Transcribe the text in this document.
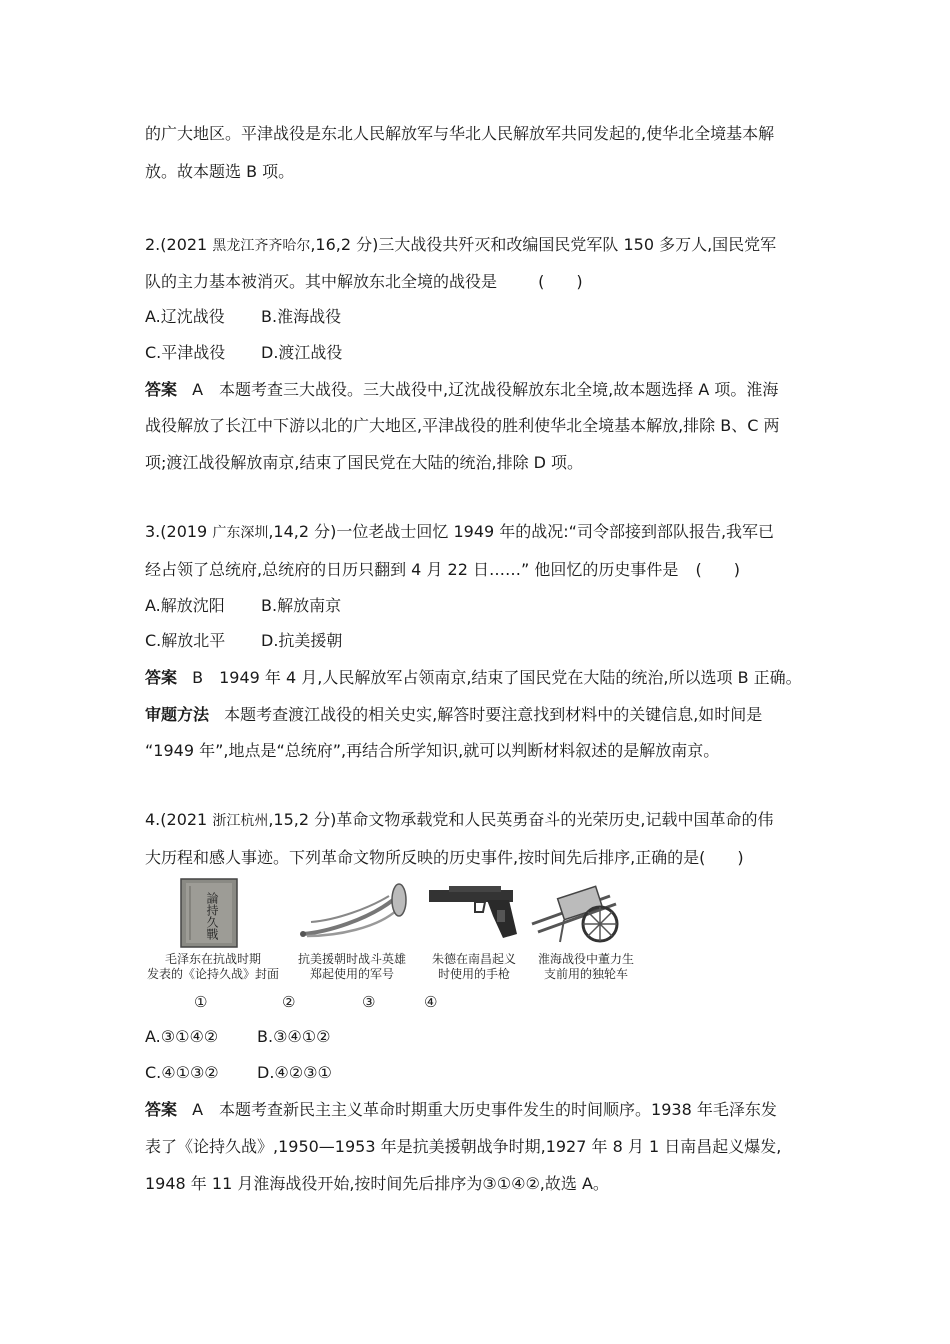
的广大地区。平津战役是东北人民解放军与华北人民解放军共同发起的,使华北全境基本解
放。故本题选 B 项。
2.(2021 黑龙江齐齐哈尔,16,2 分)三大战役共歼灭和改编国民党军队 150 多万人,国民党军
队的主力基本被消灭。其中解放东北全境的战役是	(　　)
A.辽沈战役 B.淮海战役
C.平津战役 D.渡江战役
答案 A　本题考查三大战役。三大战役中,辽沈战役解放东北全境,故本题选择 A 项。淮海
战役解放了长江中下游以北的广大地区,平津战役的胜利使华北全境基本解放,排除 B、C 两
项;渡江战役解放南京,结束了国民党在大陆的统治,排除 D 项。
3.(2019 广东深圳,14,2 分)一位老战士回忆 1949 年的战况:“司令部接到部队报告,我军已
经占领了总统府,总统府的日历只翻到 4 月 22 日……” 他回忆的历史事件是 (　　)
A.解放沈阳 B.解放南京
C.解放北平 D.抗美援朝
答案 B　1949 年 4 月,人民解放军占领南京,结束了国民党在大陆的统治,所以选项 B 正确。
审题方法 本题考查渡江战役的相关史实,解答时要注意找到材料中的关键信息,如时间是
“1949 年”,地点是“总统府”,再结合所学知识,就可以判断材料叙述的是解放南京。
4.(2021 浙江杭州,15,2 分)革命文物承载党和人民英勇奋斗的光荣历史,记载中国革命的伟
大历程和感人事迹。下列革命文物所反映的历史事件,按时间先后排序,正确的是(　　)
論持久戰
毛泽东在抗战时期
发表的《论持久战》封面
抗美援朝时战斗英雄
郑起使用的军号
朱德在南昌起义
时使用的手枪
淮海战役中董力生
支前用的独轮车
①	②	③	④
A.③①④② B.③④①②
C.④①③② D.④②③①
答案 A　本题考查新民主主义革命时期重大历史事件发生的时间顺序。1938 年毛泽东发
表了《论持久战》,1950—1953 年是抗美援朝战争时期,1927 年 8 月 1 日南昌起义爆发,
1948 年 11 月淮海战役开始,按时间先后排序为③①④②,故选 A。
